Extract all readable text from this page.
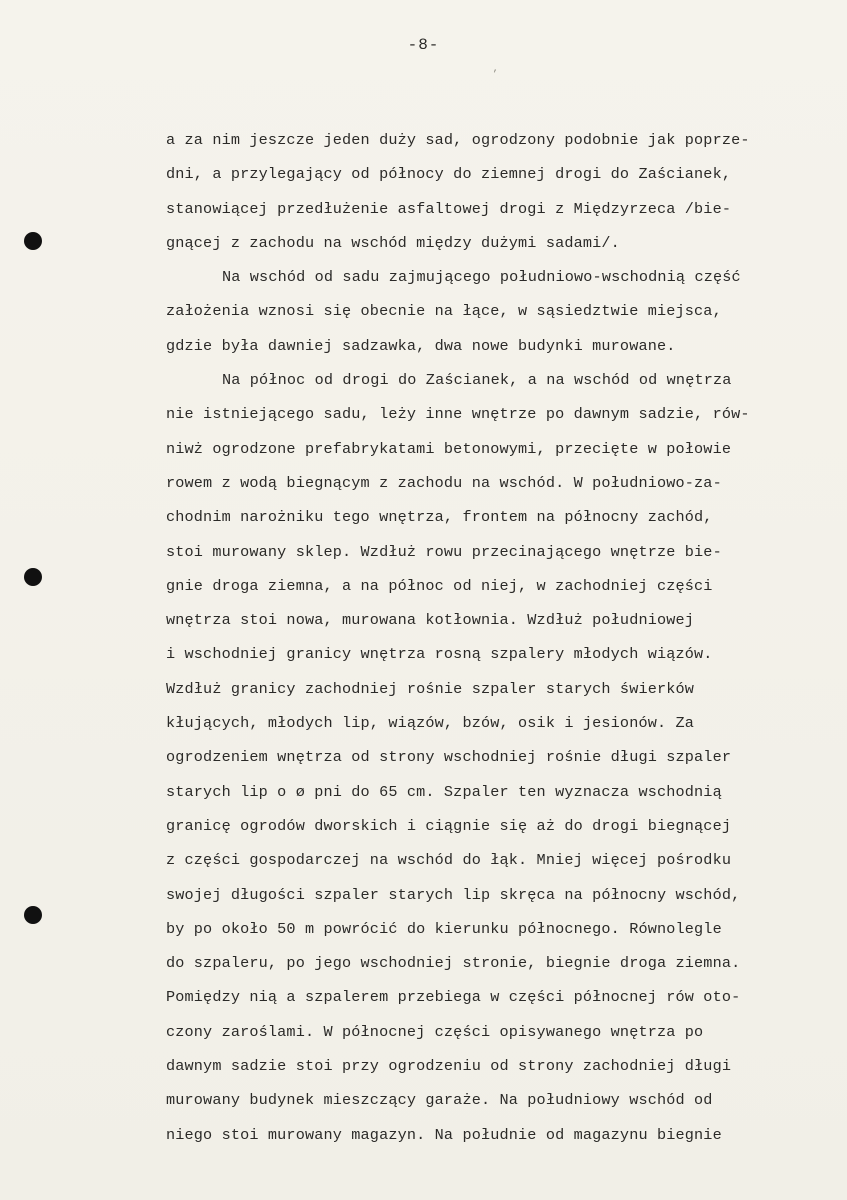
-8-
’
a za nim jeszcze jeden duży sad, ogrodzony podobnie jak poprze-
dni, a przylegający od północy do ziemnej drogi do Zaścianek,
stanowiącej przedłużenie asfaltowej drogi z Międzyrzeca /bie-
gnącej z zachodu na wschód między dużymi sadami/.
Na wschód od sadu zajmującego południowo-wschodnią część
założenia wznosi się obecnie na łące, w sąsiedztwie miejsca,
gdzie była dawniej sadzawka, dwa nowe budynki murowane.
Na północ od drogi do Zaścianek, a na wschód od wnętrza
nie istniejącego sadu, leży inne wnętrze po dawnym sadzie, rów-
niwż ogrodzone prefabrykatami betonowymi, przecięte w połowie
rowem z wodą biegnącym z zachodu na wschód. W południowo-za-
chodnim narożniku tego wnętrza, frontem na północny zachód,
stoi murowany sklep. Wzdłuż rowu przecinającego wnętrze bie-
gnie droga ziemna, a na północ od niej, w zachodniej części
wnętrza stoi nowa, murowana kotłownia. Wzdłuż południowej
i wschodniej granicy wnętrza rosną szpalery młodych wiązów.
Wzdłuż granicy zachodniej rośnie szpaler starych świerków
kłujących, młodych lip, wiązów, bzów, osik i jesionów. Za
ogrodzeniem wnętrza od strony wschodniej rośnie długi szpaler
starych lip o ø pni do 65 cm. Szpaler ten wyznacza wschodnią
granicę ogrodów dworskich i ciągnie się aż do drogi biegnącej
z części gospodarczej na wschód do łąk. Mniej więcej pośrodku
swojej długości szpaler starych lip skręca na północny wschód,
by po około 50 m powrócić do kierunku północnego. Równolegle
do szpaleru, po jego wschodniej stronie, biegnie droga ziemna.
Pomiędzy nią a szpalerem przebiega w części północnej rów oto-
czony zaroślami. W północnej części opisywanego wnętrza po
dawnym sadzie stoi przy ogrodzeniu od strony zachodniej długi
murowany budynek mieszczący garaże. Na południowy wschód od
niego stoi murowany magazyn. Na południe od magazynu biegnie
